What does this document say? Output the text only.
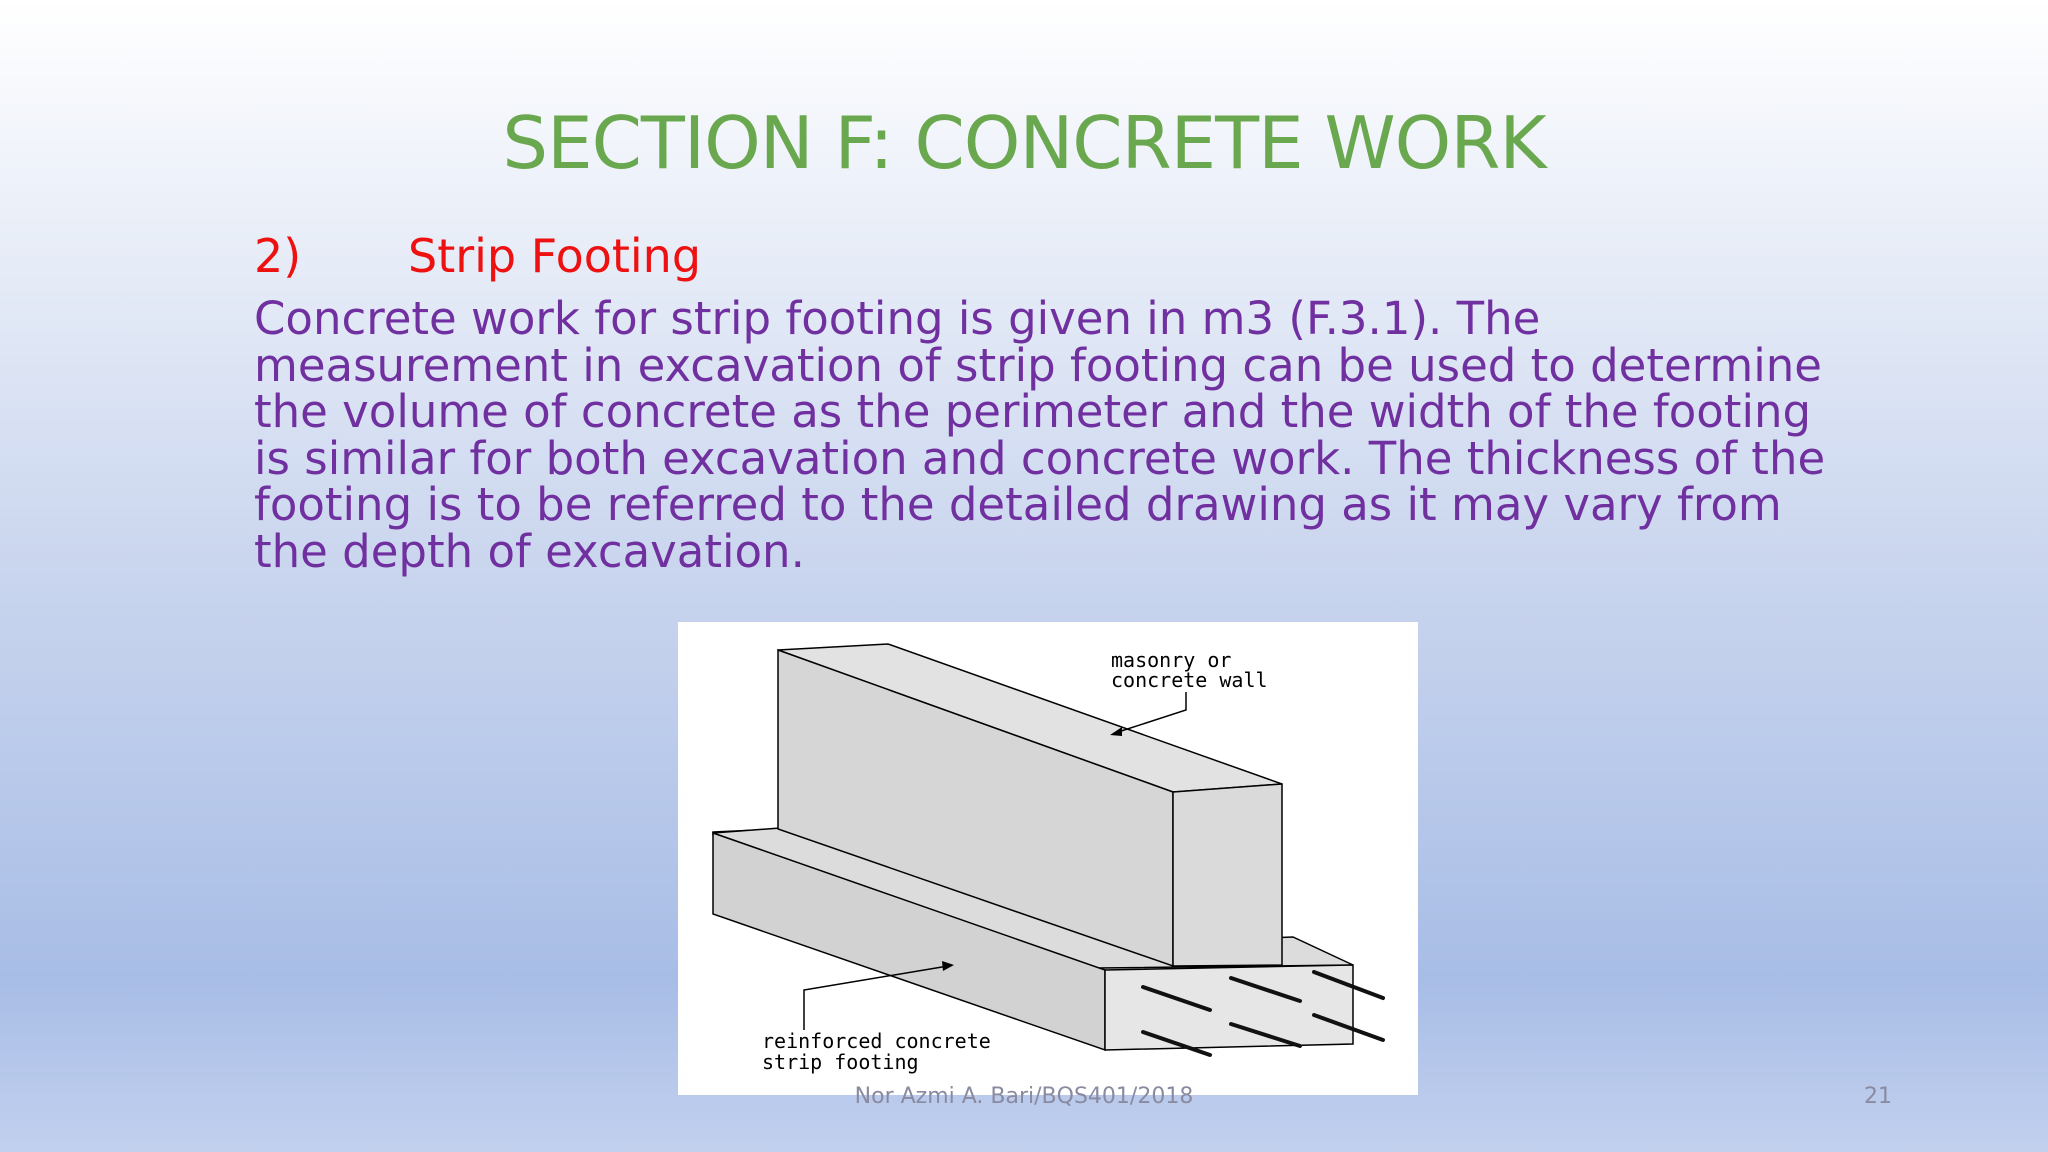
SECTION F: CONCRETE WORK
2) Strip Footing
Concrete work for strip footing is given in m3 (F.3.1). The
measurement in excavation of strip footing can be used to determine
the volume of concrete as the perimeter and the width of the footing
is similar for both excavation and concrete work. The thickness of the
footing is to be referred to the detailed drawing as it may vary from
the depth of excavation.
masonry or
concrete wall
reinforced concrete
strip footing
Nor Azmi A. Bari/BQS401/2018	21
